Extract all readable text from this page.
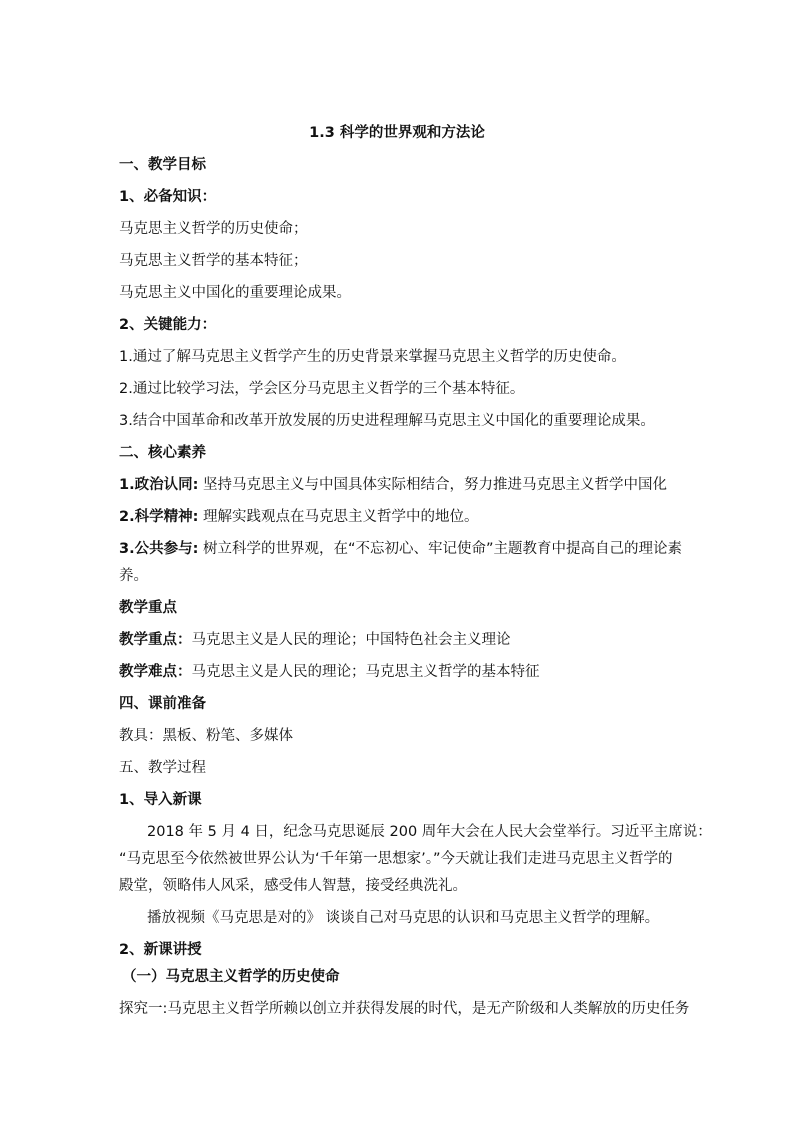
1.3 科学的世界观和方法论
一、教学目标
1、必备知识：
马克思主义哲学的历史使命；
马克思主义哲学的基本特征；
马克思主义中国化的重要理论成果。
2、关键能力：
1.通过了解马克思主义哲学产生的历史背景来掌握马克思主义哲学的历史使命。
2.通过比较学习法，学会区分马克思主义哲学的三个基本特征。
3.结合中国革命和改革开放发展的历史进程理解马克思主义中国化的重要理论成果。
二、核心素养
1.政治认同: 坚持马克思主义与中国具体实际相结合，努力推进马克思主义哲学中国化
2.科学精神: 理解实践观点在马克思主义哲学中的地位。
3.公共参与: 树立科学的世界观，在“不忘初心、牢记使命”主题教育中提高自己的理论素
养。
教学重点
教学重点：马克思主义是人民的理论；中国特色社会主义理论
教学难点：马克思主义是人民的理论；马克思主义哲学的基本特征
四、课前准备
教具：黑板、粉笔、多媒体
五、教学过程
1、导入新课
2018 年 5 月 4 日，纪念马克思诞辰 200 周年大会在人民大会堂举行。习近平主席说：
“马克思至今依然被世界公认为‘千年第一思想家’。”今天就让我们走进马克思主义哲学的
殿堂，领略伟人风采，感受伟人智慧，接受经典洗礼。
播放视频《马克思是对的》 谈谈自己对马克思的认识和马克思主义哲学的理解。
2、新课讲授
（一）马克思主义哲学的历史使命
探究一:马克思主义哲学所赖以创立并获得发展的时代，是无产阶级和人类解放的历史任务
